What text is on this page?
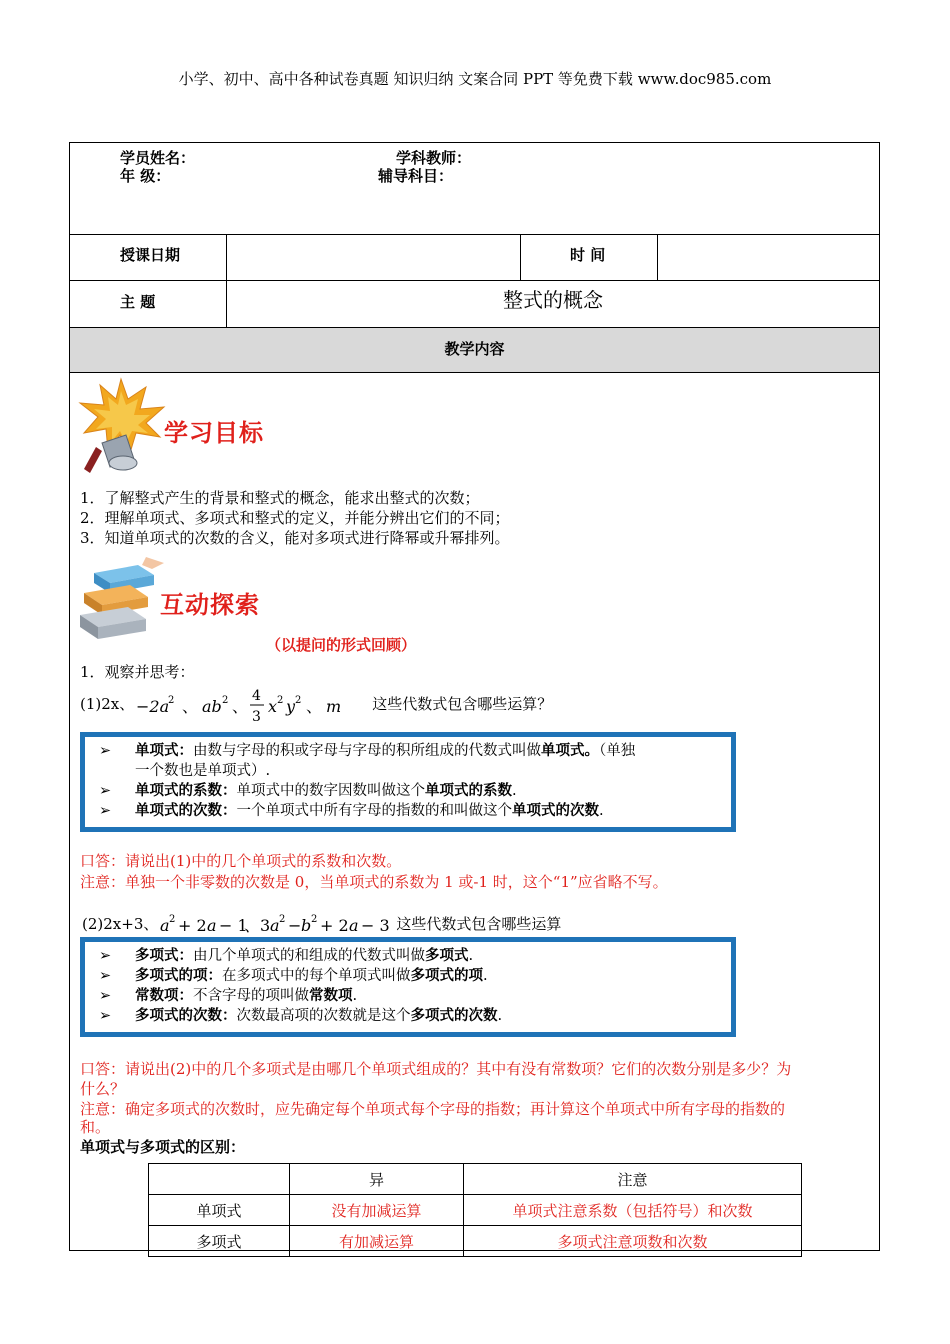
小学、初中、高中各种试卷真题 知识归纳 文案合同 PPT 等免费下载 www.doc985.com
学员姓名：	学科教师：
年 级：	辅导科目：
授课日期	时 间
主 题	整式的概念
教学内容
学习目标
1．了解整式产生的背景和整式的概念，能求出整式的次数；
2．理解单项式、多项式和整式的定义，并能分辨出它们的不同；
3．知道单项式的次数的含义，能对多项式进行降幂或升幂排列。
互动探索
（以提问的形式回顾）
1．观察并思考：
(1)2x、 −2a
2 、 ab 2 、
4
3
x 2 y 2 、 m 这些代数式包含哪些运算？
➢	单项式：由数与字母的积或字母与字母的积所组成的代数式叫做单项式。（单独
一个数也是单项式）.
➢	单项式的系数：单项式中的数字因数叫做这个单项式的系数.
➢	单项式的次数：一个单项式中所有字母的指数的和叫做这个单项式的次数.
口答：请说出(1)中的几个单项式的系数和次数。
注意：单独一个非零数的次数是 0，当单项式的系数为 1 或-1 时，这个“1”应省略不写。
(2)2x+3、 a 2 + 2 a − 1
、3 a 2 − b 2 + 2 a − 3 这些代数式包含哪些运算
➢	多项式：由几个单项式的和组成的代数式叫做多项式.
➢	多项式的项：在多项式中的每个单项式叫做多项式的项.
➢	常数项：不含字母的项叫做常数项.
➢	多项式的次数：次数最高项的次数就是这个多项式的次数.
口答：请说出(2)中的几个多项式是由哪几个单项式组成的？其中有没有常数项？它们的次数分别是多少？为
什么？
注意：确定多项式的次数时，应先确定每个单项式每个字母的指数；再计算这个单项式中所有字母的指数的
和。
单项式与多项式的区别：
	异	注意
单项式	没有加减运算	单项式注意系数（包括符号）和次数
多项式	有加减运算	多项式注意项数和次数
